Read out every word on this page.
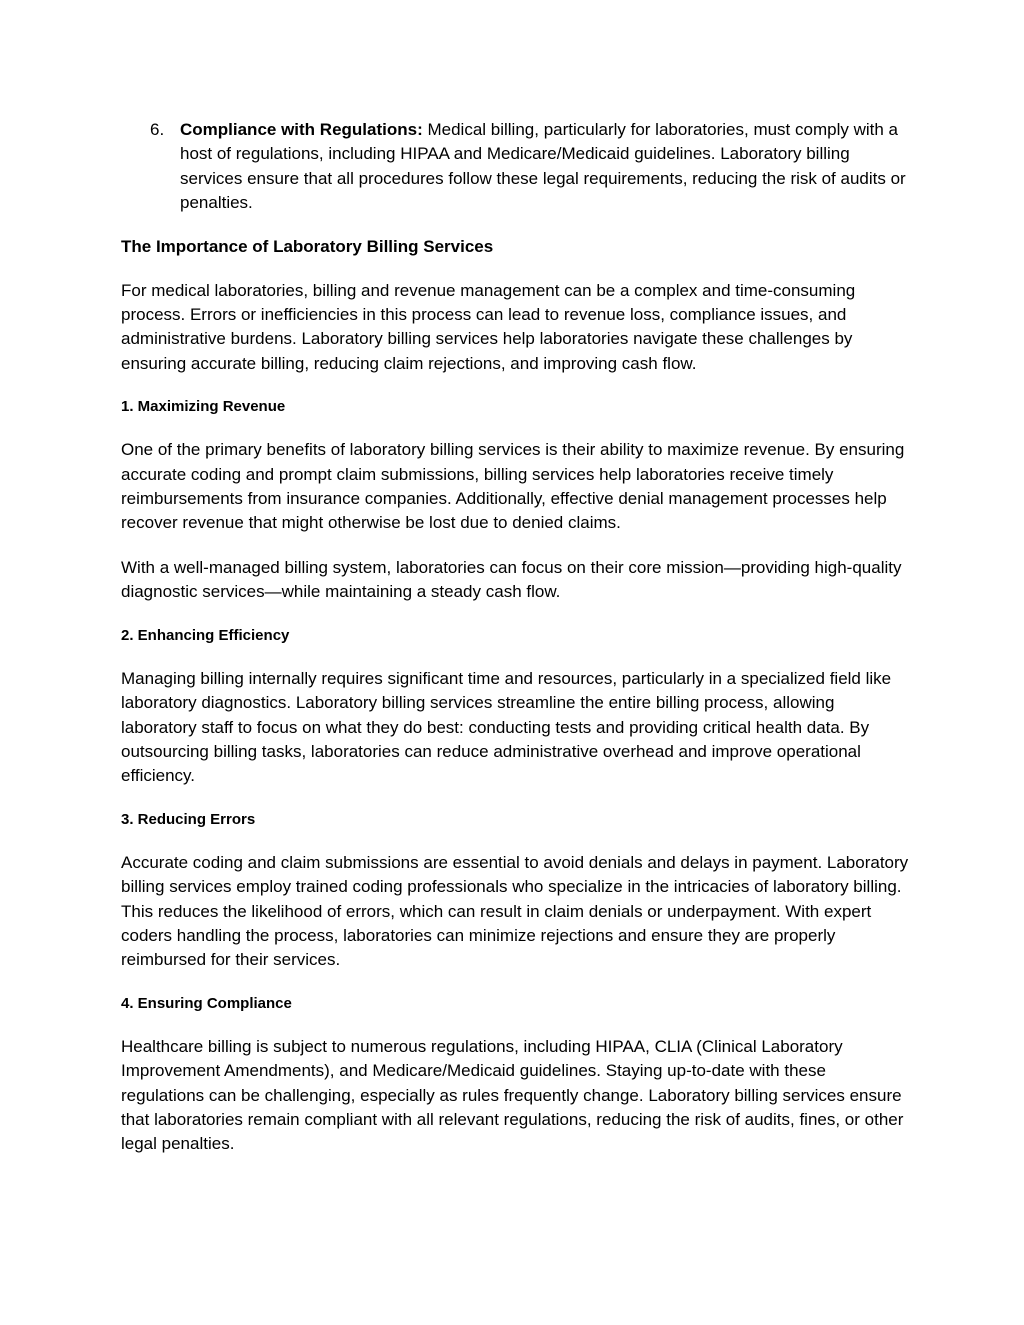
6. Compliance with Regulations: Medical billing, particularly for laboratories, must comply with a host of regulations, including HIPAA and Medicare/Medicaid guidelines. Laboratory billing services ensure that all procedures follow these legal requirements, reducing the risk of audits or penalties.
The Importance of Laboratory Billing Services

For medical laboratories, billing and revenue management can be a complex and time-consuming process. Errors or inefficiencies in this process can lead to revenue loss, compliance issues, and administrative burdens. Laboratory billing services help laboratories navigate these challenges by ensuring accurate billing, reducing claim rejections, and improving cash flow.

1. Maximizing Revenue

One of the primary benefits of laboratory billing services is their ability to maximize revenue. By ensuring accurate coding and prompt claim submissions, billing services help laboratories receive timely reimbursements from insurance companies. Additionally, effective denial management processes help recover revenue that might otherwise be lost due to denied claims.

With a well-managed billing system, laboratories can focus on their core mission—providing high-quality diagnostic services—while maintaining a steady cash flow.

2. Enhancing Efficiency

Managing billing internally requires significant time and resources, particularly in a specialized field like laboratory diagnostics. Laboratory billing services streamline the entire billing process, allowing laboratory staff to focus on what they do best: conducting tests and providing critical health data. By outsourcing billing tasks, laboratories can reduce administrative overhead and improve operational efficiency.

3. Reducing Errors

Accurate coding and claim submissions are essential to avoid denials and delays in payment. Laboratory billing services employ trained coding professionals who specialize in the intricacies of laboratory billing. This reduces the likelihood of errors, which can result in claim denials or underpayment. With expert coders handling the process, laboratories can minimize rejections and ensure they are properly reimbursed for their services.

4. Ensuring Compliance

Healthcare billing is subject to numerous regulations, including HIPAA, CLIA (Clinical Laboratory Improvement Amendments), and Medicare/Medicaid guidelines. Staying up-to-date with these regulations can be challenging, especially as rules frequently change. Laboratory billing services ensure that laboratories remain compliant with all relevant regulations, reducing the risk of audits, fines, or other legal penalties.
